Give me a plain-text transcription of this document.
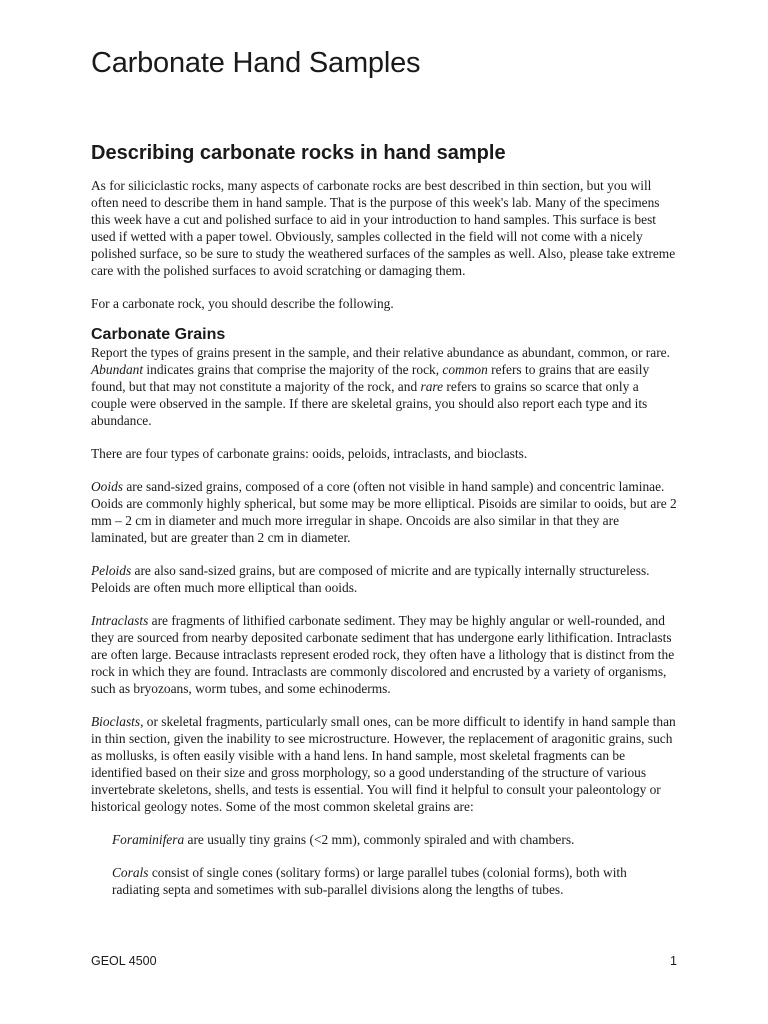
Carbonate Hand Samples
Describing carbonate rocks in hand sample

As for siliciclastic rocks, many aspects of carbonate rocks are best described in thin section, but you will often need to describe them in hand sample. That is the purpose of this week's lab. Many of the specimens this week have a cut and polished surface to aid in your introduction to hand samples. This surface is best used if wetted with a paper towel. Obviously, samples collected in the field will not come with a nicely polished surface, so be sure to study the weathered surfaces of the samples as well. Also, please take extreme care with the polished surfaces to avoid scratching or damaging them.

For a carbonate rock, you should describe the following.

Carbonate Grains

Report the types of grains present in the sample, and their relative abundance as abundant, common, or rare. Abundant indicates grains that comprise the majority of the rock, common refers to grains that are easily found, but that may not constitute a majority of the rock, and rare refers to grains so scarce that only a couple were observed in the sample. If there are skeletal grains, you should also report each type and its abundance.

There are four types of carbonate grains: ooids, peloids, intraclasts, and bioclasts.

Ooids are sand-sized grains, composed of a core (often not visible in hand sample) and concentric laminae. Ooids are commonly highly spherical, but some may be more elliptical. Pisoids are similar to ooids, but are 2 mm – 2 cm in diameter and much more irregular in shape. Oncoids are also similar in that they are laminated, but are greater than 2 cm in diameter.

Peloids are also sand-sized grains, but are composed of micrite and are typically internally structureless. Peloids are often much more elliptical than ooids.

Intraclasts are fragments of lithified carbonate sediment. They may be highly angular or well-rounded, and they are sourced from nearby deposited carbonate sediment that has undergone early lithification. Intraclasts are often large. Because intraclasts represent eroded rock, they often have a lithology that is distinct from the rock in which they are found. Intraclasts are commonly discolored and encrusted by a variety of organisms, such as bryozoans, worm tubes, and some echinoderms.

Bioclasts, or skeletal fragments, particularly small ones, can be more difficult to identify in hand sample than in thin section, given the inability to see microstructure. However, the replacement of aragonitic grains, such as mollusks, is often easily visible with a hand lens. In hand sample, most skeletal fragments can be identified based on their size and gross morphology, so a good understanding of the structure of various invertebrate skeletons, shells, and tests is essential. You will find it helpful to consult your paleontology or historical geology notes. Some of the most common skeletal grains are:

Foraminifera are usually tiny grains (<2 mm), commonly spiraled and with chambers.

Corals consist of single cones (solitary forms) or large parallel tubes (colonial forms), both with radiating septa and sometimes with sub-parallel divisions along the lengths of tubes.

GEOL 4500	1
